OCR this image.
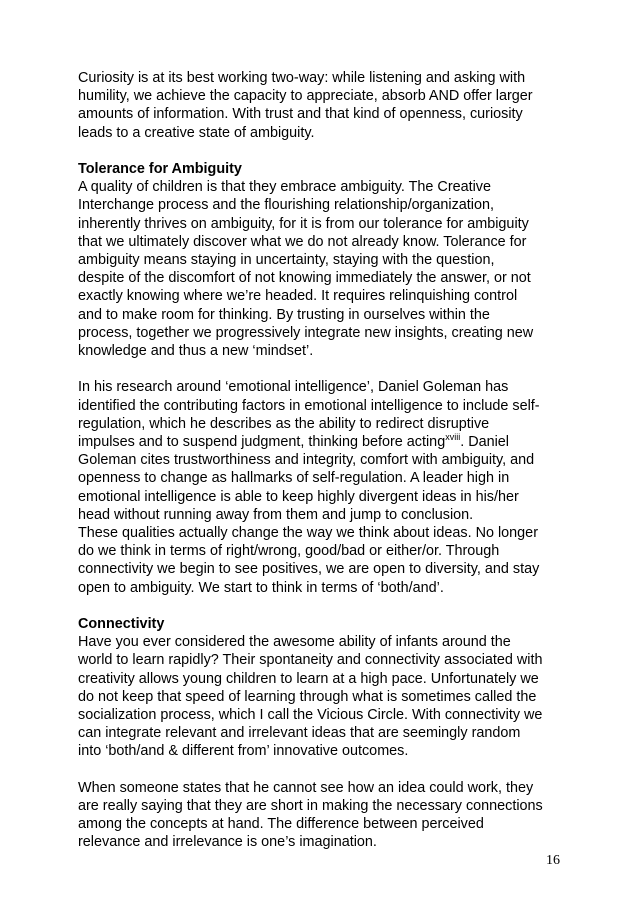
Curiosity is at its best working two-way: while listening and asking with
humility, we achieve the capacity to appreciate, absorb AND offer larger
amounts of information. With trust and that kind of openness, curiosity
leads to a creative state of ambiguity.

Tolerance for Ambiguity

A quality of children is that they embrace ambiguity. The Creative
Interchange process and the flourishing relationship/organization,
inherently thrives on ambiguity, for it is from our tolerance for ambiguity
that we ultimately discover what we do not already know. Tolerance for
ambiguity means staying in uncertainty, staying with the question,
despite of the discomfort of not knowing immediately the answer, or not
exactly knowing where we’re headed. It requires relinquishing control
and to make room for thinking. By trusting in ourselves within the
process, together we progressively integrate new insights, creating new
knowledge and thus a new ‘mindset’.

In his research around ‘emotional intelligence’, Daniel Goleman has
identified the contributing factors in emotional intelligence to include self-
regulation, which he describes as the ability to redirect disruptive
impulses and to suspend judgment, thinking before acting$^{xviii}$. Daniel
Goleman cites trustworthiness and integrity, comfort with ambiguity, and
openness to change as hallmarks of self-regulation. A leader high in
emotional intelligence is able to keep highly divergent ideas in his/her
head without running away from them and jump to conclusion.
These qualities actually change the way we think about ideas. No longer
do we think in terms of right/wrong, good/bad or either/or. Through
connectivity we begin to see positives, we are open to diversity, and stay
open to ambiguity. We start to think in terms of ‘both/and’.

Connectivity

Have you ever considered the awesome ability of infants around the
world to learn rapidly? Their spontaneity and connectivity associated with
creativity allows young children to learn at a high pace. Unfortunately we
do not keep that speed of learning through what is sometimes called the
socialization process, which I call the Vicious Circle. With connectivity we
can integrate relevant and irrelevant ideas that are seemingly random
into ‘both/and & different from’ innovative outcomes.

When someone states that he cannot see how an idea could work, they
are really saying that they are short in making the necessary connections
among the concepts at hand. The difference between perceived
relevance and irrelevance is one’s imagination.

16
